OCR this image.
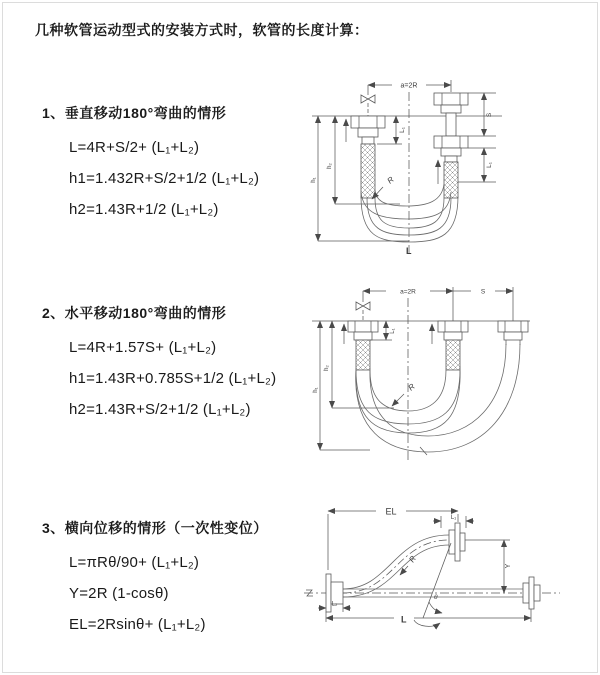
几种软管运动型式的安装方式时，软管的长度计算：
1、垂直移动180°弯曲的情形
L=4R+S/2+ (L₁+L₂)
h1=1.432R+S/2+1/2 (L₁+L₂)
h2=1.43R+1/2 (L₁+L₂)
a=2R
L₁
S
L₁
h₁
h₂
R
L
2、水平移动180°弯曲的情形
L=4R+1.57S+ (L₁+L₂)
h1=1.43R+0.785S+1/2 (L₁+L₂)
h2=1.43R+S/2+1/2 (L₁+L₂)
a=2R	S
L₁
h₁
h₂
R
3、横向位移的情形（一次性变位）
L=πRθ/90+ (L₁+L₂)
Y=2R (1-cosθ)
EL=2Rsinθ+ (L₁+L₂)
EL
L₁
Y
θ
R
L₂
L
